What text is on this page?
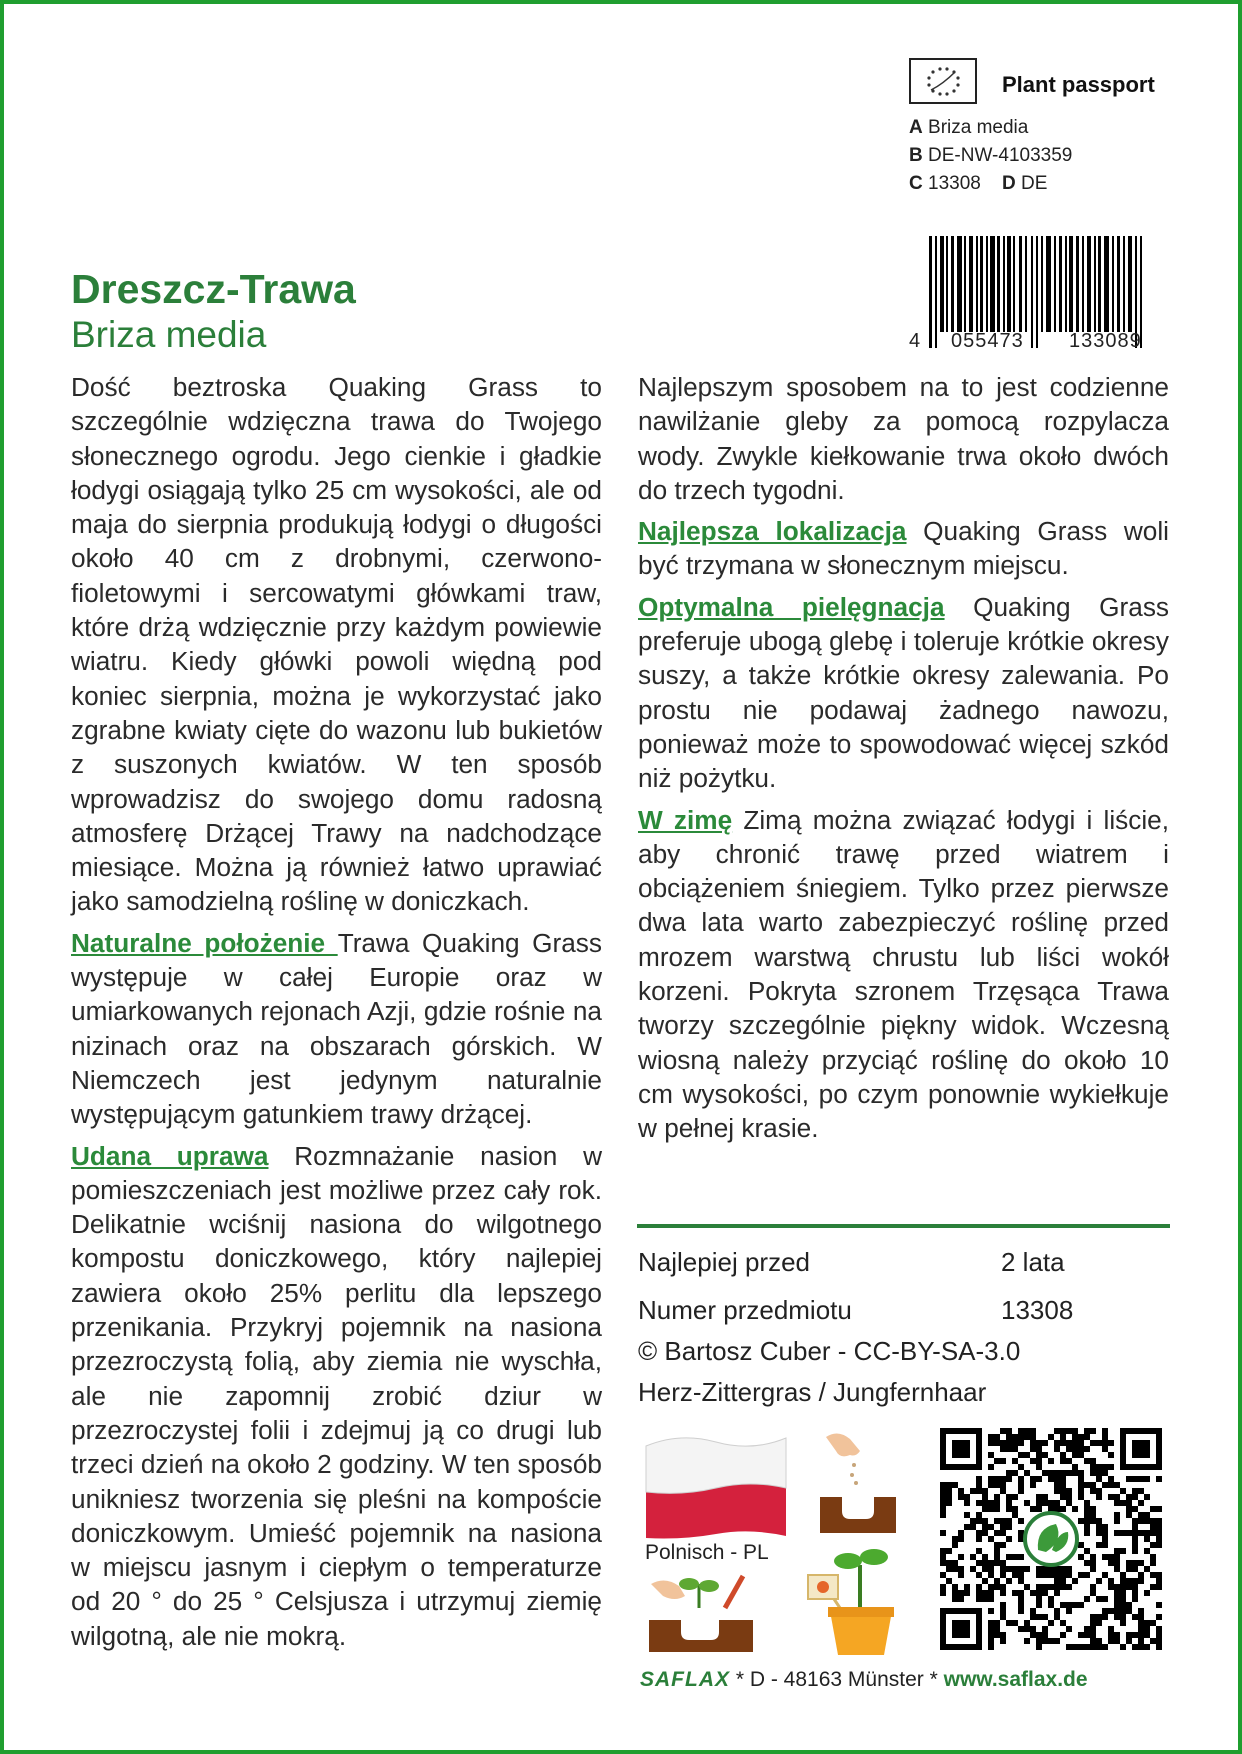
Plant passport
A Briza media
B DE-NW-4103359
C 13308 D DE
4 055473 133089
Dreszcz-Trawa
Briza media

Dość beztroska Quaking Grass to szczególnie wdzięczna trawa do Twojego słonecznego ogrodu. Jego cienkie i gładkie łodygi osiągają tylko 25 cm wysokości, ale od maja do sierpnia produkują łodygi o długości około 40 cm z drobnymi, czerwono-fioletowymi i sercowatymi główkami traw, które drżą wdzięcznie przy każdym powiewie wiatru. Kiedy główki powoli więdną pod koniec sierpnia, można je wykorzystać jako zgrabne kwiaty cięte do wazonu lub bukietów z suszonych kwiatów. W ten sposób wprowadzisz do swojego domu radosną atmosferę Drżącej Trawy na nadchodzące miesiące. Można ją również łatwo uprawiać jako samodzielną roślinę w doniczkach.

Naturalne położenie Trawa Quaking Grass występuje w całej Europie oraz w umiarkowanych rejonach Azji, gdzie rośnie na nizinach oraz na obszarach górskich. W Niemczech jest jedynym naturalnie występującym gatunkiem trawy drżącej.

Udana uprawa Rozmnażanie nasion w pomieszczeniach jest możliwe przez cały rok. Delikatnie wciśnij nasiona do wilgotnego kompostu doniczkowego, który najlepiej zawiera około 25% perlitu dla lepszego przenikania. Przykryj pojemnik na nasiona przezroczystą folią, aby ziemia nie wyschła, ale nie zapomnij zrobić dziur w przezroczystej folii i zdejmuj ją co drugi lub trzeci dzień na około 2 godziny. W ten sposób unikniesz tworzenia się pleśni na kompoście doniczkowym. Umieść pojemnik na nasiona w miejscu jasnym i ciepłym o temperaturze od 20 ° do 25 ° Celsjusza i utrzymuj ziemię wilgotną, ale nie mokrą.

Najlepszym sposobem na to jest codzienne nawilżanie gleby za pomocą rozpylacza wody. Zwykle kiełkowanie trwa około dwóch do trzech tygodni.

Najlepsza lokalizacja Quaking Grass woli być trzymana w słonecznym miejscu.

Optymalna pielęgnacja Quaking Grass preferuje ubogą glebę i toleruje krótkie okresy suszy, a także krótkie okresy zalewania. Po prostu nie podawaj żadnego nawozu, ponieważ może to spowodować więcej szkód niż pożytku.

W zimę Zimą można związać łodygi i liście, aby chronić trawę przed wiatrem i obciążeniem śniegiem. Tylko przez pierwsze dwa lata warto zabezpieczyć roślinę przed mrozem warstwą chrustu lub liści wokół korzeni. Pokryta szronem Trzęsąca Trawa tworzy szczególnie piękny widok. Wczesną wiosną należy przyciąć roślinę do około 10 cm wysokości, po czym ponownie wykiełkuje w pełnej krasie.

Najlepiej przed	2 lata
Numer przedmiotu	13308
© Bartosz Cuber - CC-BY-SA-3.0
Herz-Zittergras / Jungfernhaar
Polnisch - PL
SAFLAX * D - 48163 Münster * www.saflax.de
